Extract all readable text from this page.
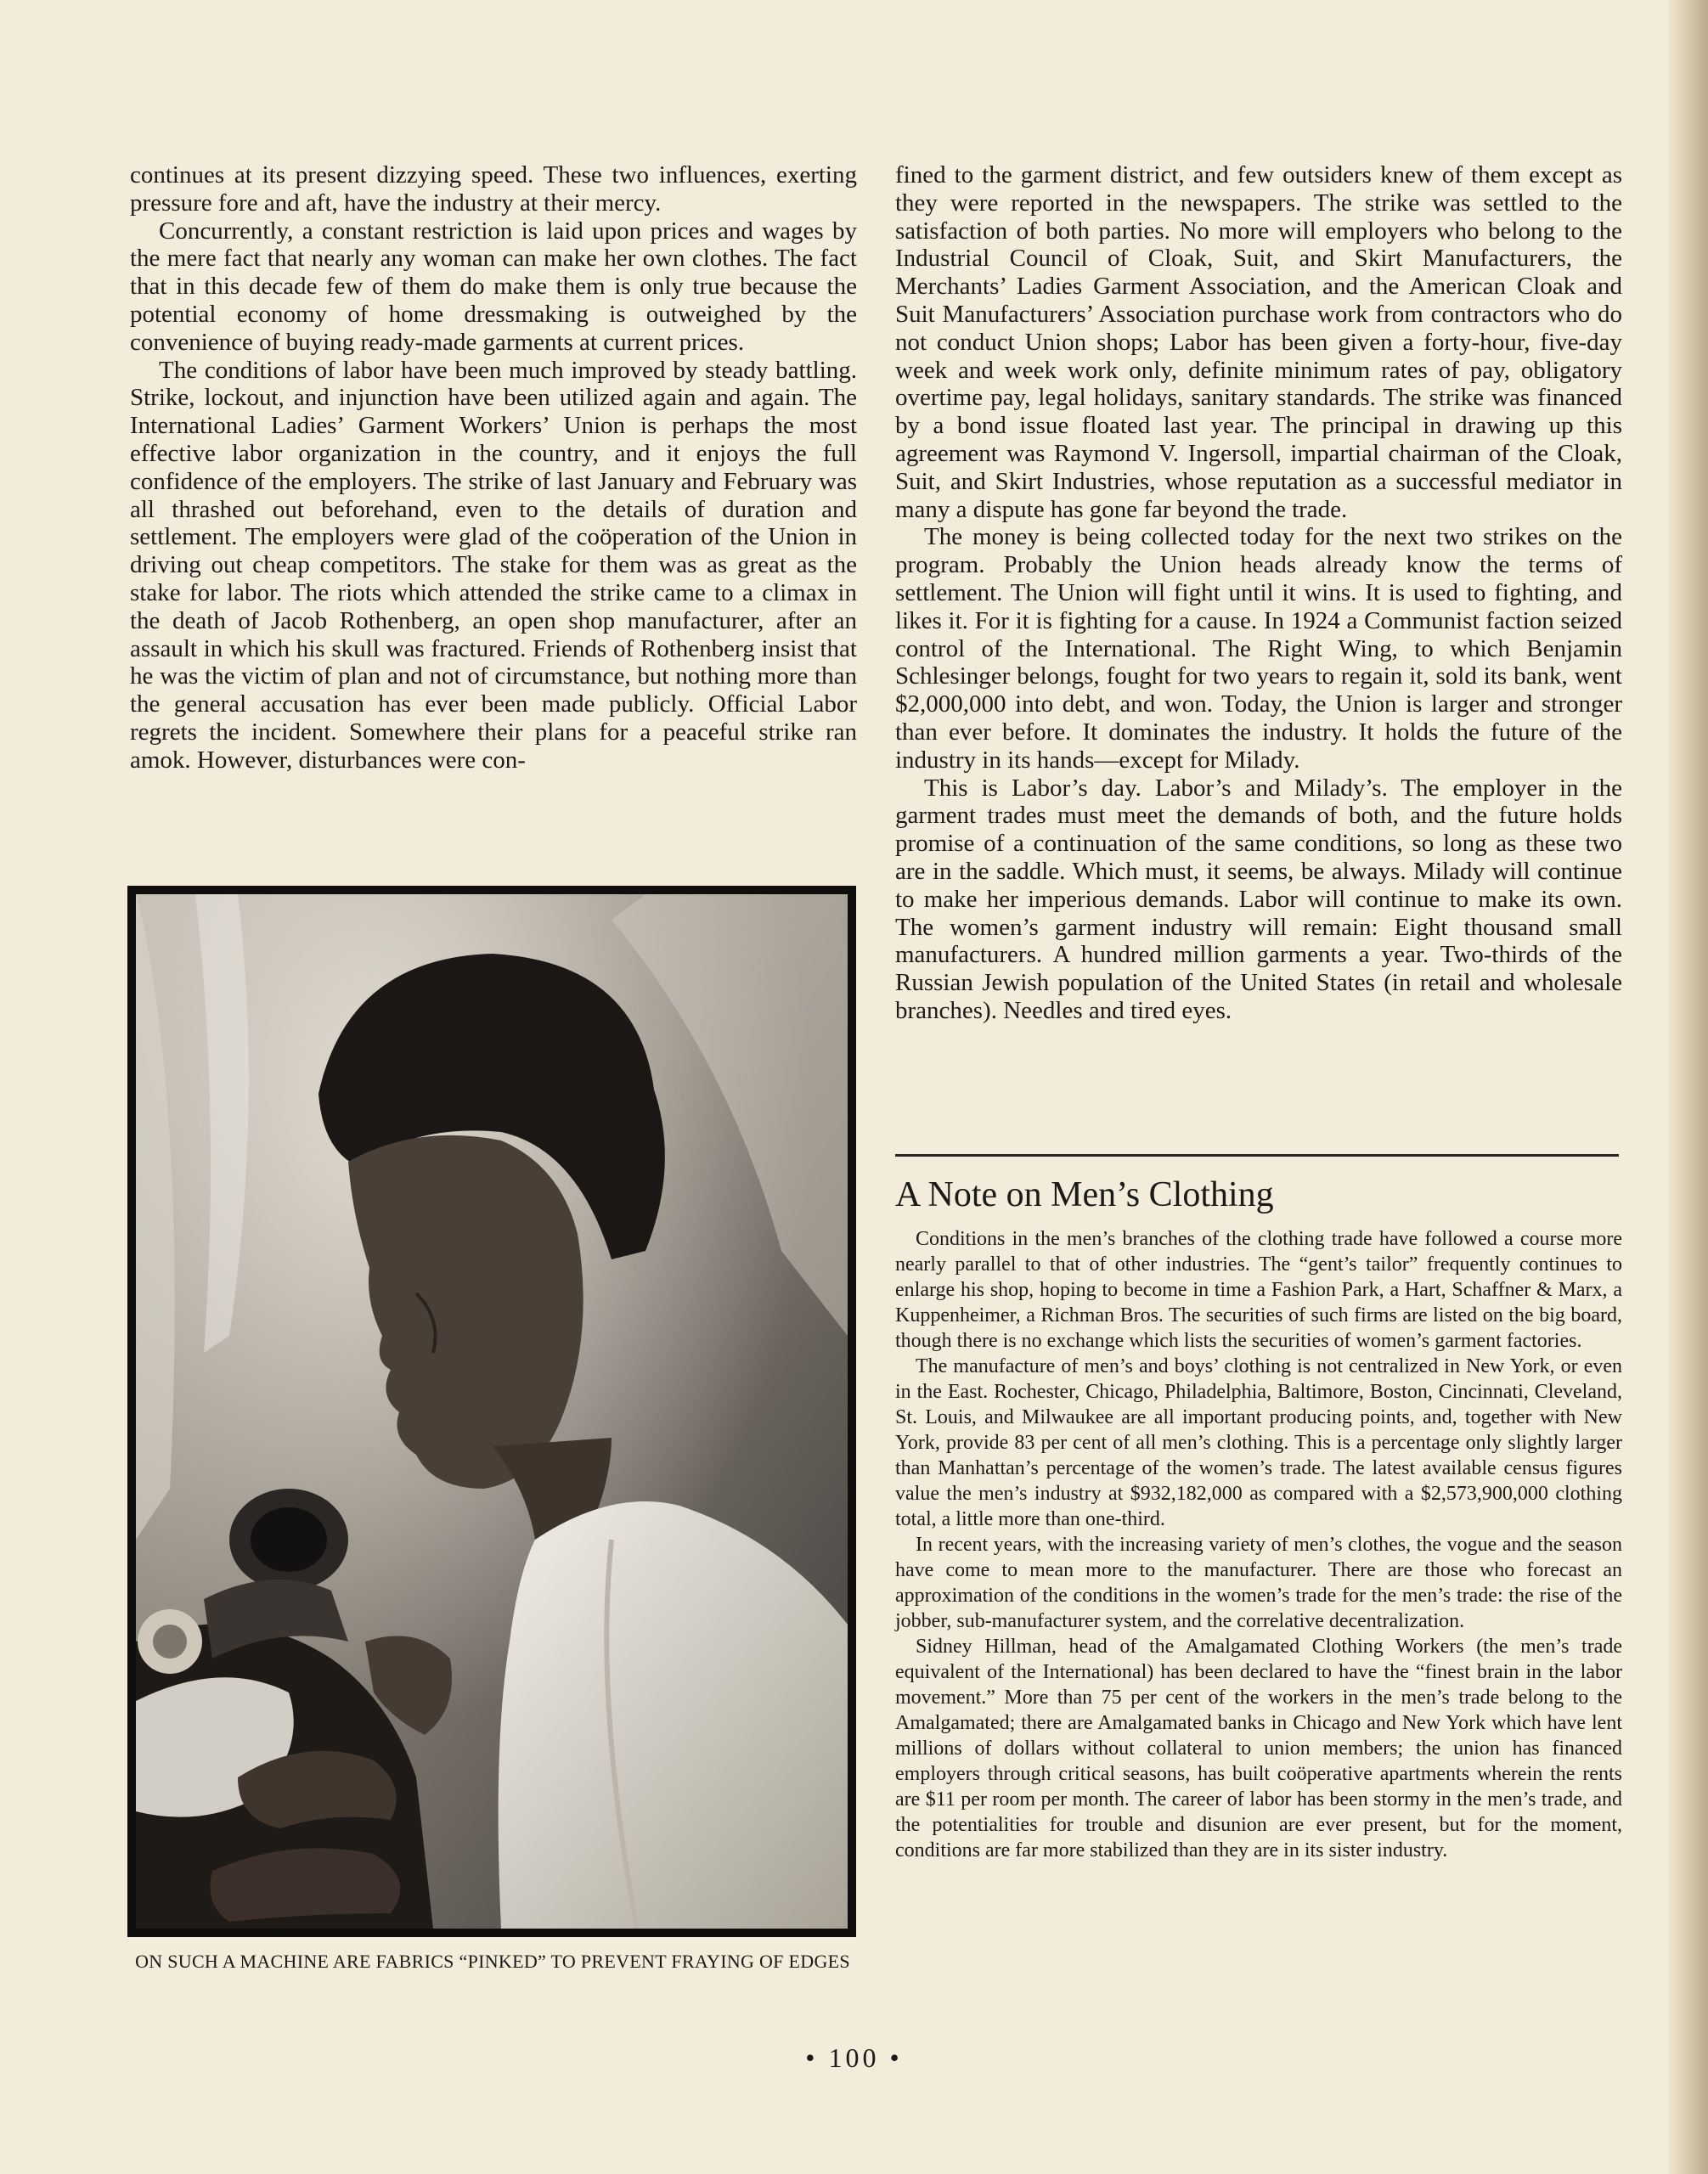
continues at its present dizzying speed. These two influences, exerting pressure fore and aft, have the industry at their mercy.

Concurrently, a constant restriction is laid upon prices and wages by the mere fact that nearly any woman can make her own clothes. The fact that in this decade few of them do make them is only true because the potential economy of home dressmaking is outweighed by the convenience of buying ready-made garments at current prices.

The conditions of labor have been much improved by steady battling. Strike, lockout, and injunction have been utilized again and again. The International Ladies’ Garment Workers’ Union is perhaps the most effective labor organization in the country, and it enjoys the full confidence of the employers. The strike of last January and February was all thrashed out beforehand, even to the details of duration and settlement. The employers were glad of the coöperation of the Union in driving out cheap competitors. The stake for them was as great as the stake for labor. The riots which attended the strike came to a climax in the death of Jacob Rothenberg, an open shop manufacturer, after an assault in which his skull was fractured. Friends of Rothenberg insist that he was the victim of plan and not of circumstance, but nothing more than the general accusation has ever been made publicly. Official Labor regrets the incident. Somewhere their plans for a peaceful strike ran amok. However, disturbances were con-

ON SUCH A MACHINE ARE FABRICS “PINKED” TO PREVENT FRAYING OF EDGES

fined to the garment district, and few outsiders knew of them except as they were reported in the newspapers. The strike was settled to the satisfaction of both parties. No more will employers who belong to the Industrial Council of Cloak, Suit, and Skirt Manufacturers, the Merchants’ Ladies Garment Association, and the American Cloak and Suit Manufacturers’ Association purchase work from contractors who do not conduct Union shops; Labor has been given a forty-hour, five-day week and week work only, definite minimum rates of pay, obligatory overtime pay, legal holidays, sanitary standards. The strike was financed by a bond issue floated last year. The principal in drawing up this agreement was Raymond V. Ingersoll, impartial chairman of the Cloak, Suit, and Skirt Industries, whose reputation as a successful mediator in many a dispute has gone far beyond the trade.

The money is being collected today for the next two strikes on the program. Probably the Union heads already know the terms of settlement. The Union will fight until it wins. It is used to fighting, and likes it. For it is fighting for a cause. In 1924 a Communist faction seized control of the International. The Right Wing, to which Benjamin Schlesinger belongs, fought for two years to regain it, sold its bank, went $2,000,000 into debt, and won. Today, the Union is larger and stronger than ever before. It dominates the industry. It holds the future of the industry in its hands—except for Milady.

This is Labor’s day. Labor’s and Milady’s. The employer in the garment trades must meet the demands of both, and the future holds promise of a continuation of the same conditions, so long as these two are in the saddle. Which must, it seems, be always. Milady will continue to make her imperious demands. Labor will continue to make its own. The women’s garment industry will remain: Eight thousand small manufacturers. A hundred million garments a year. Two-thirds of the Russian Jewish population of the United States (in retail and wholesale branches). Needles and tired eyes.

A Note on Men’s Clothing

Conditions in the men’s branches of the clothing trade have followed a course more nearly parallel to that of other industries. The “gent’s tailor” frequently continues to enlarge his shop, hoping to become in time a Fashion Park, a Hart, Schaffner & Marx, a Kuppenheimer, a Richman Bros. The securities of such firms are listed on the big board, though there is no exchange which lists the securities of women’s garment factories.

The manufacture of men’s and boys’ clothing is not centralized in New York, or even in the East. Rochester, Chicago, Philadelphia, Baltimore, Boston, Cincinnati, Cleveland, St. Louis, and Milwaukee are all important producing points, and, together with New York, provide 83 per cent of all men’s clothing. This is a percentage only slightly larger than Manhattan’s percentage of the women’s trade. The latest available census figures value the men’s industry at $932,182,000 as compared with a $2,573,900,000 clothing total, a little more than one-third.

In recent years, with the increasing variety of men’s clothes, the vogue and the season have come to mean more to the manufacturer. There are those who forecast an approximation of the conditions in the women’s trade for the men’s trade: the rise of the jobber, sub-manufacturer system, and the correlative decentralization.

Sidney Hillman, head of the Amalgamated Clothing Workers (the men’s trade equivalent of the International) has been declared to have the “finest brain in the labor movement.” More than 75 per cent of the workers in the men’s trade belong to the Amalgamated; there are Amalgamated banks in Chicago and New York which have lent millions of dollars without collateral to union members; the union has financed employers through critical seasons, has built coöperative apartments wherein the rents are $11 per room per month. The career of labor has been stormy in the men’s trade, and the potentialities for trouble and disunion are ever present, but for the moment, conditions are far more stabilized than they are in its sister industry.

• 100 •
